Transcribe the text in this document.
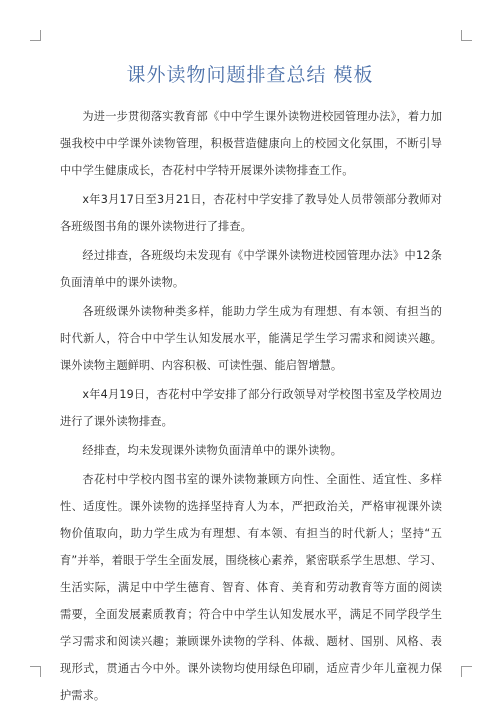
课外读物问题排查总结 模板

为进一步贯彻落实教育部《中中学生课外读物进校园管理办法》，着力加强我校中中学课外读物管理，积极营造健康向上的校园文化氛围，不断引导中中学生健康成长，杏花村中学特开展课外读物排查工作。

x年3月17日至3月21日，杏花村中学安排了教导处人员带领部分教师对各班级图书角的课外读物进行了排查。

经过排查，各班级均未发现有《中学课外读物进校园管理办法》中12条负面清单中的课外读物。

各班级课外读物种类多样，能助力学生成为有理想、有本领、有担当的时代新人，符合中中学生认知发展水平，能满足学生学习需求和阅读兴趣。课外读物主题鲜明、内容积极、可读性强、能启智增慧。

x年4月19日，杏花村中学安排了部分行政领导对学校图书室及学校周边进行了课外读物排查。

经排查，均未发现课外读物负面清单中的课外读物。

杏花村中学校内图书室的课外读物兼顾方向性、全面性、适宜性、多样性、适度性。课外读物的选择坚持育人为本，严把政治关，严格审视课外读物价值取向，助力学生成为有理想、有本领、有担当的时代新人；坚持“五育”并举，着眼于学生全面发展，围绕核心素养，紧密联系学生思想、学习、生活实际，满足中中学生德育、智育、体育、美育和劳动教育等方面的阅读需要，全面发展素质教育；符合中中学生认知发展水平，满足不同学段学生学习需求和阅读兴趣；兼顾课外读物的学科、体裁、题材、国别、风格、表现形式，贯通古今中外。课外读物均使用绿色印刷，适应青少年儿童视力保护需求。
